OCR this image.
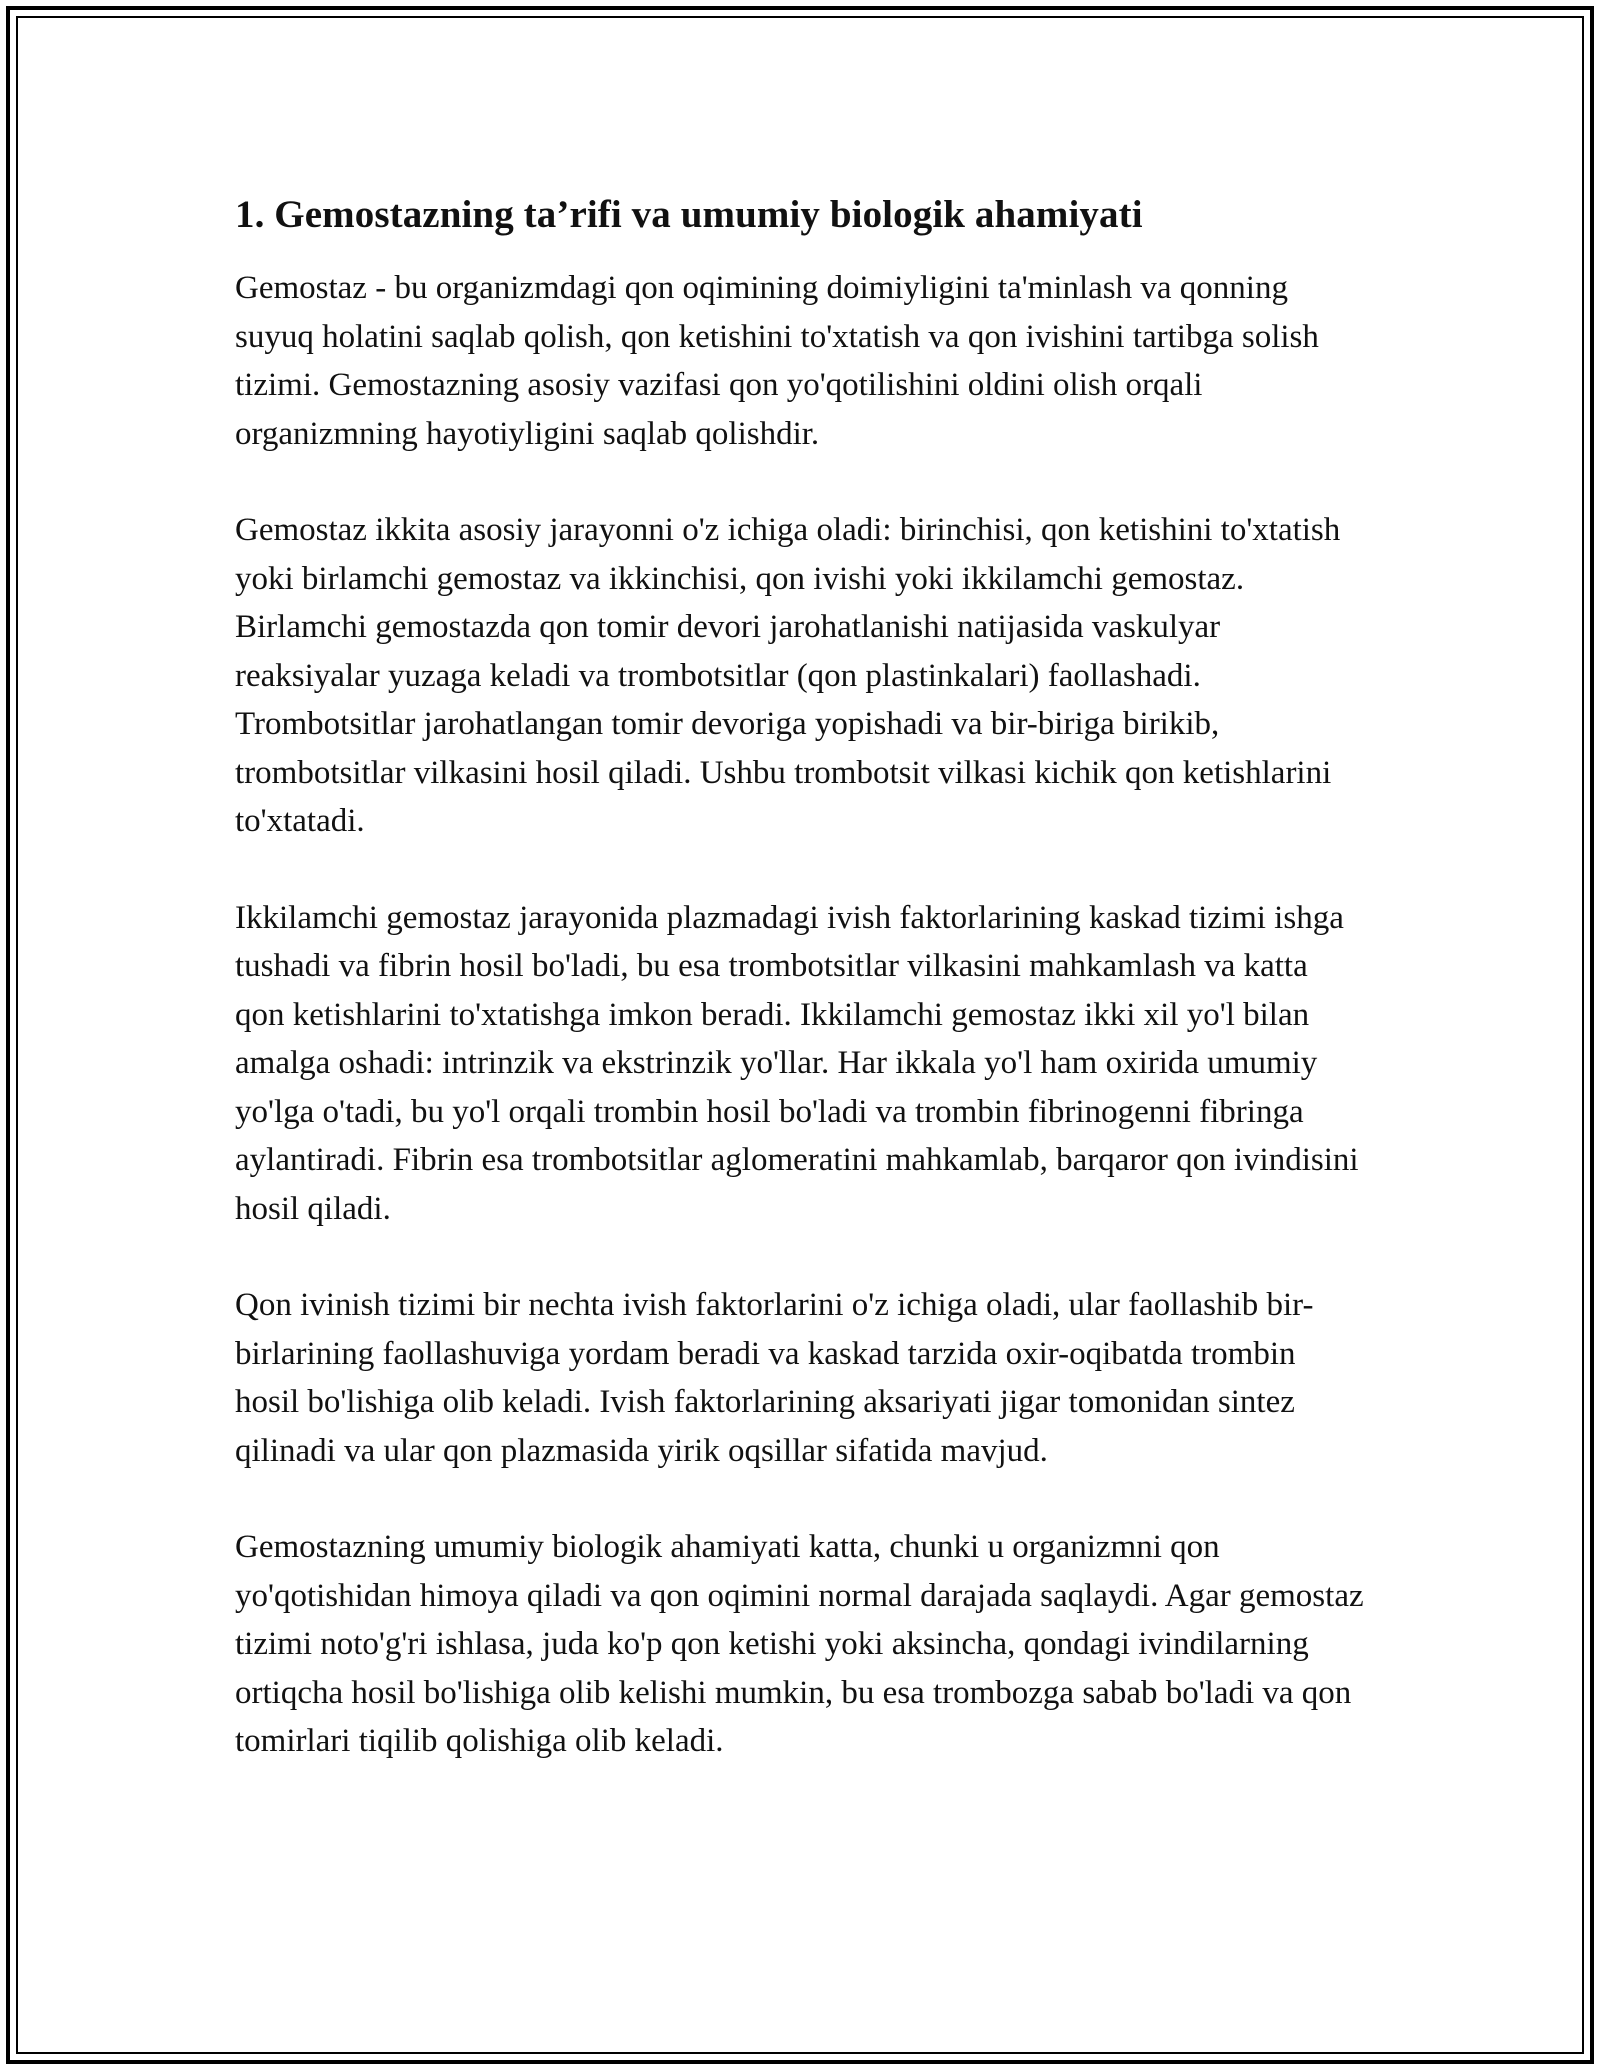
1. Gemostazning ta’rifi va umumiy biologik ahamiyati

Gemostaz - bu organizmdagi qon oqimining doimiyligini ta'minlash va qonning suyuq holatini saqlab qolish, qon ketishini to'xtatish va qon ivishini tartibga solish tizimi. Gemostazning asosiy vazifasi qon yo'qotilishini oldini olish orqali organizmning hayotiyligini saqlab qolishdir.

Gemostaz ikkita asosiy jarayonni o'z ichiga oladi: birinchisi, qon ketishini to'xtatish yoki birlamchi gemostaz va ikkinchisi, qon ivishi yoki ikkilamchi gemostaz. Birlamchi gemostazda qon tomir devori jarohatlanishi natijasida vaskulyar reaksiyalar yuzaga keladi va trombotsitlar (qon plastinkalari) faollashadi. Trombotsitlar jarohatlangan tomir devoriga yopishadi va bir-biriga birikib, trombotsitlar vilkasini hosil qiladi. Ushbu trombotsit vilkasi kichik qon ketishlarini to'xtatadi.

Ikkilamchi gemostaz jarayonida plazmadagi ivish faktorlarining kaskad tizimi ishga tushadi va fibrin hosil bo'ladi, bu esa trombotsitlar vilkasini mahkamlash va katta qon ketishlarini to'xtatishga imkon beradi. Ikkilamchi gemostaz ikki xil yo'l bilan amalga oshadi: intrinzik va ekstrinzik yo'llar. Har ikkala yo'l ham oxirida umumiy yo'lga o'tadi, bu yo'l orqali trombin hosil bo'ladi va trombin fibrinogenni fibringa aylantiradi. Fibrin esa trombotsitlar aglomeratini mahkamlab, barqaror qon ivindisini hosil qiladi.

Qon ivinish tizimi bir nechta ivish faktorlarini o'z ichiga oladi, ular faollashib bir-birlarining faollashuviga yordam beradi va kaskad tarzida oxir-oqibatda trombin hosil bo'lishiga olib keladi. Ivish faktorlarining aksariyati jigar tomonidan sintez qilinadi va ular qon plazmasida yirik oqsillar sifatida mavjud.

Gemostazning umumiy biologik ahamiyati katta, chunki u organizmni qon yo'qotishidan himoya qiladi va qon oqimini normal darajada saqlaydi. Agar gemostaz tizimi noto'g'ri ishlasa, juda ko'p qon ketishi yoki aksincha, qondagi ivindilarning ortiqcha hosil bo'lishiga olib kelishi mumkin, bu esa trombozga sabab bo'ladi va qon tomirlari tiqilib qolishiga olib keladi.
